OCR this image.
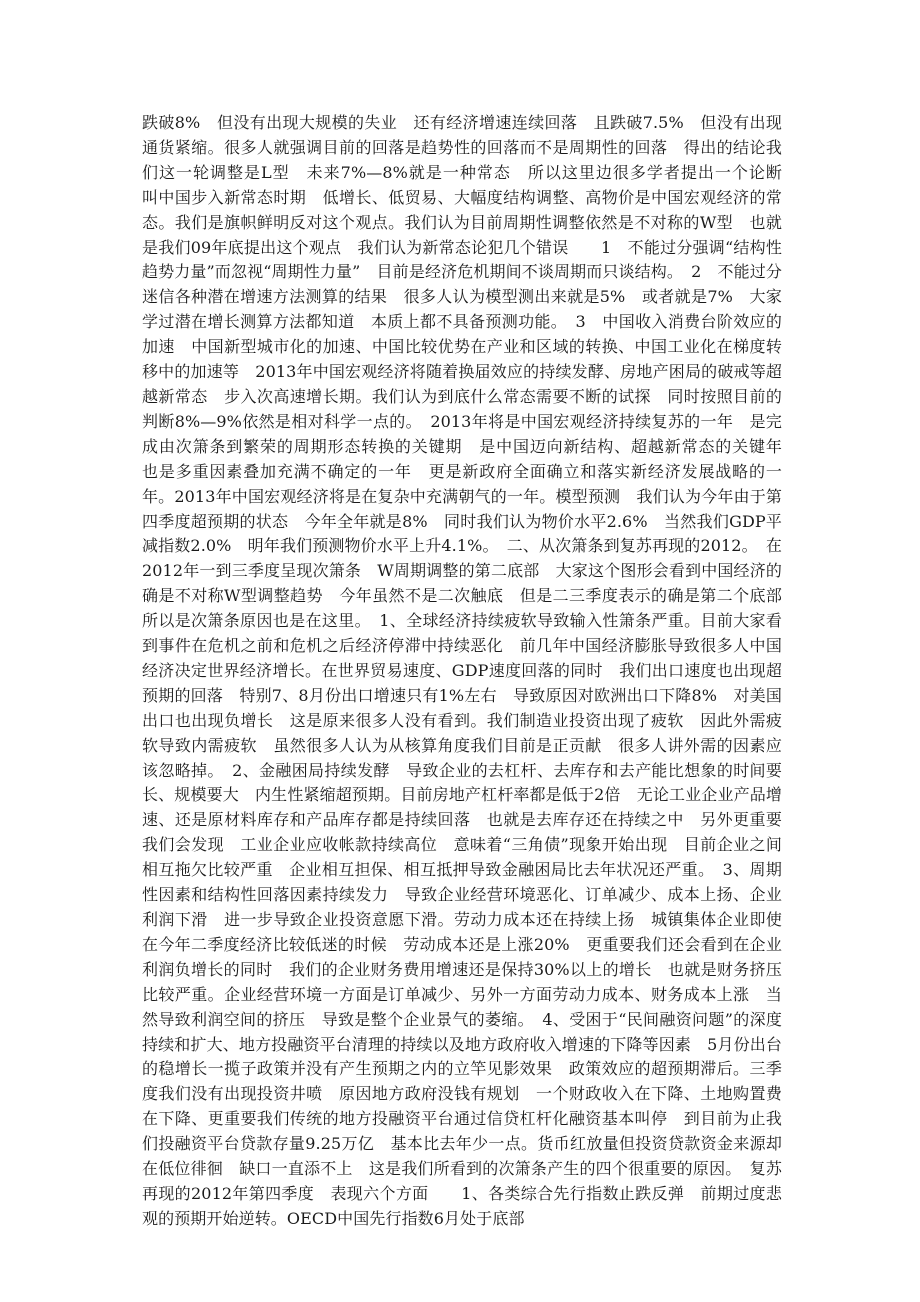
跌破8%　但没有出现大规模的失业　还有经济增速连续回落　且跌破7.5%　但没有出现通货紧缩。很多人就强调目前的回落是趋势性的回落而不是周期性的回落　得出的结论我们这一轮调整是L型　未来7%—8%就是一种常态　所以这里边很多学者提出一个论断　叫中国步入新常态时期　低增长、低贸易、大幅度结构调整、高物价是中国宏观经济的常态。我们是旗帜鲜明反对这个观点。我们认为目前周期性调整依然是不对称的W型　也就是我们09年底提出这个观点　我们认为新常态论犯几个错误　　1　不能过分强调“结构性趋势力量”而忽视“周期性力量”　目前是经济危机期间不谈周期而只谈结构。　2　不能过分迷信各种潜在增速方法测算的结果　很多人认为模型测出来就是5%　或者就是7%　大家学过潜在增长测算方法都知道　本质上都不具备预测功能。　3　中国收入消费台阶效应的加速　中国新型城市化的加速、中国比较优势在产业和区域的转换、中国工业化在梯度转移中的加速等　2013年中国宏观经济将随着换届效应的持续发酵、房地产困局的破戒等超越新常态　步入次高速增长期。我们认为到底什么常态需要不断的试探　同时按照目前的判断8%—9%依然是相对科学一点的。　2013年将是中国宏观经济持续复苏的一年　是完成由次箫条到繁荣的周期形态转换的关键期　是中国迈向新结构、超越新常态的关键年　也是多重因素叠加充满不确定的一年　更是新政府全面确立和落实新经济发展战略的一年。2013年中国宏观经济将是在复杂中充满朝气的一年。模型预测　我们认为今年由于第四季度超预期的状态　今年全年就是8%　同时我们认为物价水平2.6%　当然我们GDP平减指数2.0%　明年我们预测物价水平上升4.1%。　二、从次箫条到复苏再现的2012。　在2012年一到三季度呈现次箫条　W周期调整的第二底部　大家这个图形会看到中国经济的确是不对称W型调整趋势　今年虽然不是二次触底　但是二三季度表示的确是第二个底部　所以是次箫条原因也是在这里。　1、全球经济持续疲软导致输入性箫条严重。目前大家看到事件在危机之前和危机之后经济停滞中持续恶化　前几年中国经济膨胀导致很多人中国经济决定世界经济增长。在世界贸易速度、GDP速度回落的同时　我们出口速度也出现超预期的回落　特别7、8月份出口增速只有1%左右　导致原因对欧洲出口下降8%　对美国出口也出现负增长　这是原来很多人没有看到。我们制造业投资出现了疲软　因此外需疲软导致内需疲软　虽然很多人认为从核算角度我们目前是正贡献　很多人讲外需的因素应该忽略掉。　2、金融困局持续发酵　导致企业的去杠杆、去库存和去产能比想象的时间要长、规模要大　内生性紧缩超预期。目前房地产杠杆率都是低于2倍　无论工业企业产品增速、还是原材料库存和产品库存都是持续回落　也就是去库存还在持续之中　另外更重要我们会发现　工业企业应收帐款持续高位　意味着“三角债”现象开始出现　目前企业之间相互拖欠比较严重　企业相互担保、相互抵押导致金融困局比去年状况还严重。　3、周期性因素和结构性回落因素持续发力　导致企业经营环境恶化、订单减少、成本上扬、企业利润下滑　进一步导致企业投资意愿下滑。劳动力成本还在持续上扬　城镇集体企业即使在今年二季度经济比较低迷的时候　劳动成本还是上涨20%　更重要我们还会看到在企业利润负增长的同时　我们的企业财务费用增速还是保持30%以上的增长　也就是财务挤压比较严重。企业经营环境一方面是订单减少、另外一方面劳动力成本、财务成本上涨　当然导致利润空间的挤压　导致是整个企业景气的萎缩。　4、受困于“民间融资问题”的深度持续和扩大、地方投融资平台清理的持续以及地方政府收入增速的下降等因素　5月份出台的稳增长一揽子政策并没有产生预期之内的立竿见影效果　政策效应的超预期滞后。三季度我们没有出现投资井喷　原因地方政府没钱有规划　一个财政收入在下降、土地购置费在下降、更重要我们传统的地方投融资平台通过信贷杠杆化融资基本叫停　到目前为止我们投融资平台贷款存量9.25万亿　基本比去年少一点。货币红放量但投资贷款资金来源却在低位徘徊　缺口一直添不上　这是我们所看到的次箫条产生的四个很重要的原因。　复苏再现的2012年第四季度　表现六个方面　　1、各类综合先行指数止跌反弹　前期过度悲观的预期开始逆转。OECD中国先行指数6月处于底部
